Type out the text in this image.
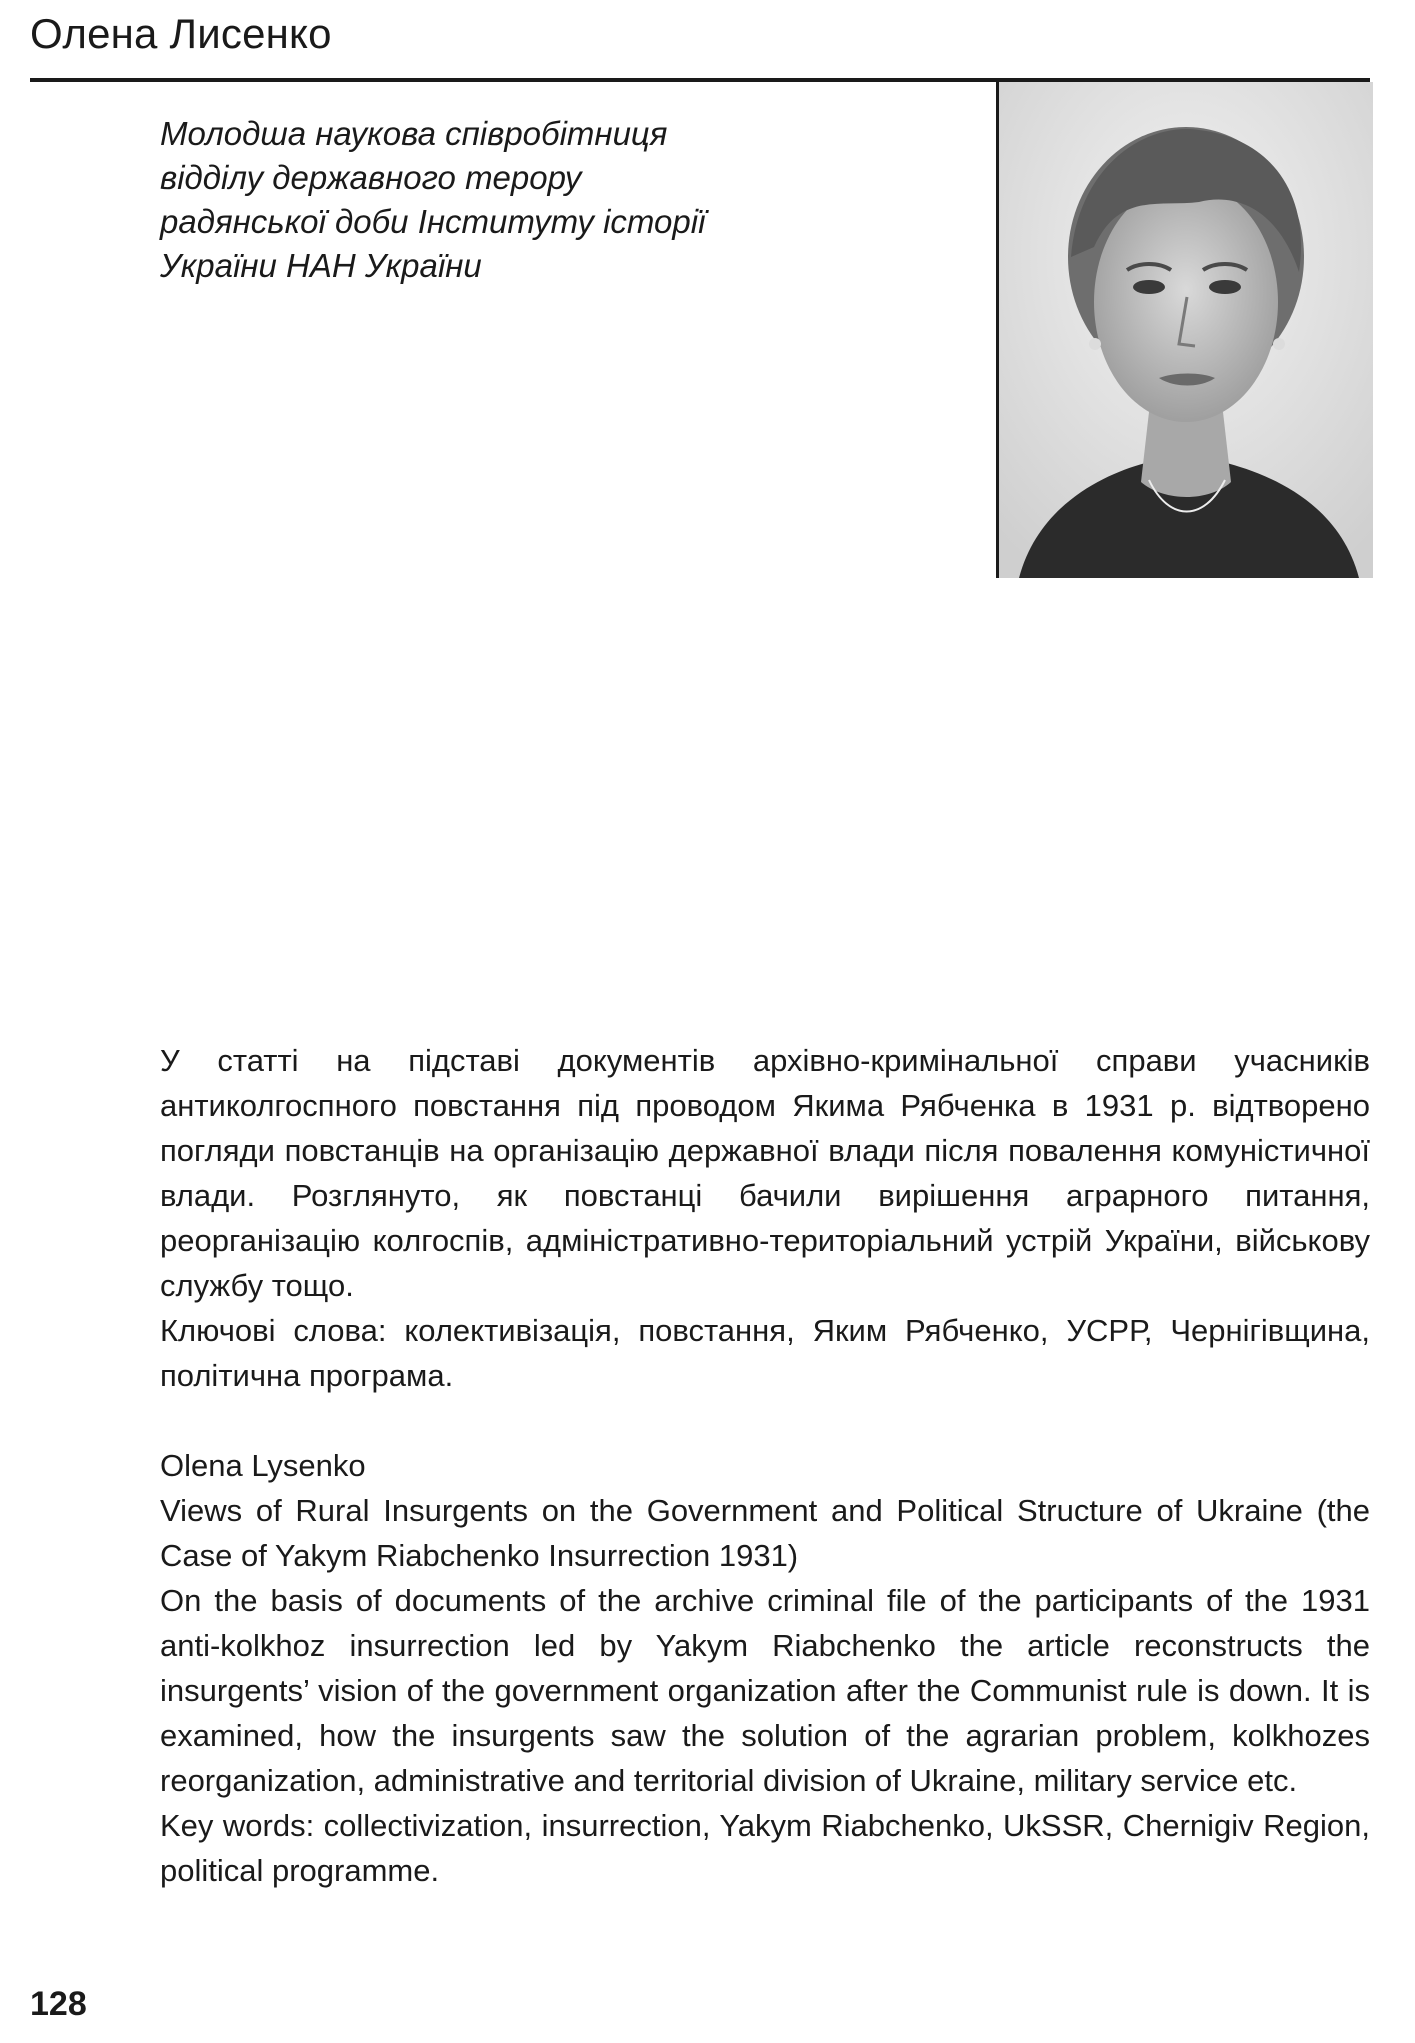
Олена Лисенко
Молодша наукова співробітниця
відділу державного терору
радянської доби Інституту історії
України НАН України

У статті на підставі документів архівно-кримінальної справи учасників антиколгоспного повстання під проводом Якима Рябченка в 1931 р. відтворено погляди повстанців на організацію державної влади після повалення комуністичної влади. Розглянуто, як повстанці бачили вирішення аграрного питання, реорганізацію колгоспів, адміністративно-територіальний устрій України, військову службу тощо.

Ключові слова: колективізація, повстання, Яким Рябченко, УСРР, Чернігівщина, політична програма.

Olena Lysenko

Views of Rural Insurgents on the Government and Political Structure of Ukraine (the Case of Yakym Riabchenko Insurrection 1931)

On the basis of documents of the archive criminal file of the participants of the 1931 anti-kolkhoz insurrection led by Yakym Riabchenko the article reconstructs the insurgents’ vision of the government organization after the Communist rule is down. It is examined, how the insurgents saw the solution of the agrarian problem, kolkhozes reorganization, administrative and territorial division of Ukraine, military service etc.

Key words: collectivization, insurrection, Yakym Riabchenko, UkSSR, Chernigiv Region, political programme.

128
